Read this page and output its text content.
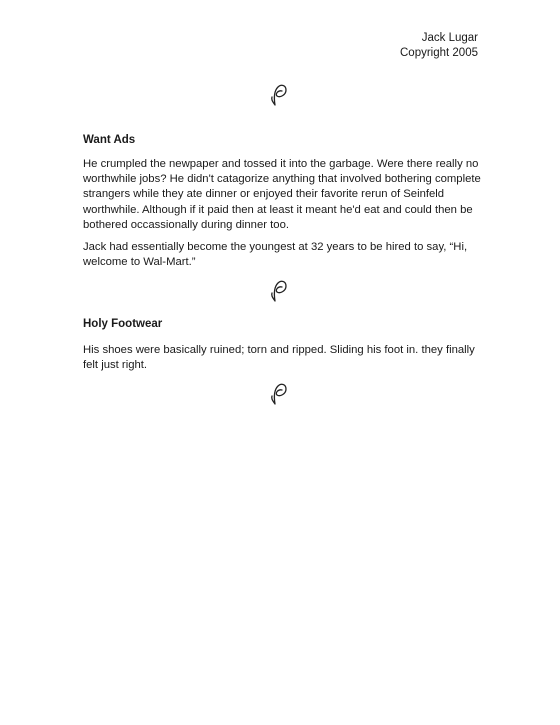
Jack Lugar
Copyright 2005
Want Ads

He crumpled the newpaper and tossed it into the garbage. Were there really no worthwhile jobs? He didn't catagorize anything that involved bothering complete strangers while they ate dinner or enjoyed their favorite rerun of Seinfeld worthwhile. Although if it paid then at least it meant he'd eat and could then be bothered occassionally during dinner too.

Jack had essentially become the youngest at 32 years to be hired to say, “Hi, welcome to Wal-Mart.”

Holy Footwear

His shoes were basically ruined; torn and ripped. Sliding his foot in. they finally felt just right.
